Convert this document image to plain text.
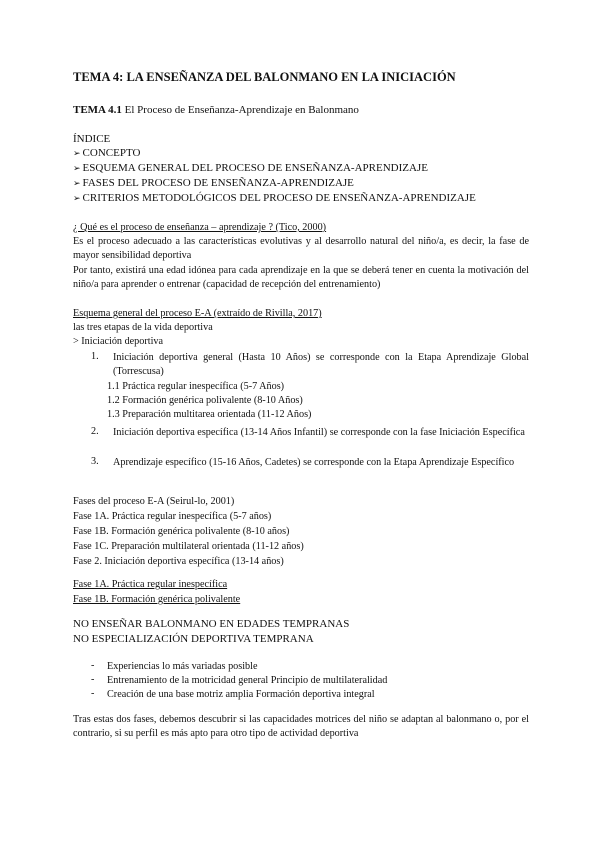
TEMA 4: LA ENSEÑANZA DEL BALONMANO EN LA INICIACIÓN
TEMA 4.1 El Proceso de Enseñanza-Aprendizaje en Balonmano
ÍNDICE
➢ CONCEPTO
➢ ESQUEMA GENERAL DEL PROCESO DE ENSEÑANZA-APRENDIZAJE
➢ FASES DEL PROCESO DE ENSEÑANZA-APRENDIZAJE
➢ CRITERIOS METODOLÓGICOS DEL PROCESO DE ENSEÑANZA-APRENDIZAJE
¿ Qué es el proceso de enseñanza – aprendizaje ? (Tico, 2000)
Es el proceso adecuado a las características evolutivas y al desarrollo natural del niño/a, es decir, la fase de mayor sensibilidad deportiva
Por tanto, existirá una edad idónea para cada aprendizaje en la que se deberá tener en cuenta la motivación del niño/a para aprender o entrenar (capacidad de recepción del entrenamiento)
Esquema general del proceso E-A (extraído de Rivilla, 2017)
las tres etapas de la vida deportiva
> Iniciación deportiva
1. Iniciación deportiva general (Hasta 10 Años) se corresponde con la Etapa Aprendizaje Global (Torrescusa)
1.1 Práctica regular inespecífica (5-7 Años)
1.2 Formación genérica polivalente (8-10 Años)
1.3 Preparación multitarea orientada (11-12 Años)
2. Iniciación deportiva específica (13-14 Años Infantil) se corresponde con la fase Iniciación Específica
3. Aprendizaje específico (15-16 Años, Cadetes) se corresponde con la Etapa Aprendizaje Específico
Fases del proceso E-A (Seirul-lo, 2001)
Fase 1A. Práctica regular inespecífica (5-7 años)
Fase 1B. Formación genérica polivalente (8-10 años)
Fase 1C. Preparación multilateral orientada (11-12 años)
Fase 2. Iniciación deportiva específica (13-14 años)
Fase 1A. Práctica regular inespecífica
Fase 1B. Formación genérica polivalente
NO ENSEÑAR BALONMANO EN EDADES TEMPRANAS
NO ESPECIALIZACIÓN DEPORTIVA TEMPRANA
- Experiencias lo más variadas posible
- Entrenamiento de la motricidad general Principio de multilateralidad
- Creación de una base motriz amplia Formación deportiva integral
Tras estas dos fases, debemos descubrir si las capacidades motrices del niño se adaptan al balonmano o, por el contrario, si su perfil es más apto para otro tipo de actividad deportiva
